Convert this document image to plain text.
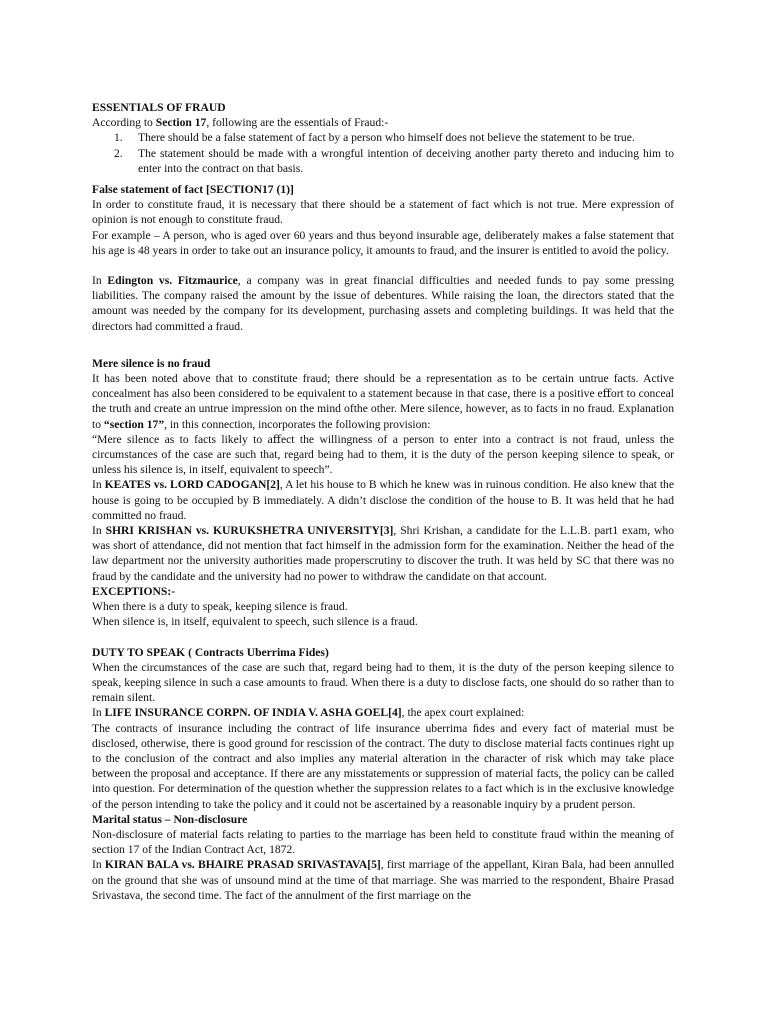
ESSENTIALS OF FRAUD

According to Section 17, following are the essentials of Fraud:-

1. There should be a false statement of fact by a person who himself does not believe the statement to be true.
2. The statement should be made with a wrongful intention of deceiving another party thereto and inducing him to enter into the contract on that basis.

False statement of fact [SECTION17 (1)]

In order to constitute fraud, it is necessary that there should be a statement of fact which is not true. Mere expression of opinion is not enough to constitute fraud.

For example – A person, who is aged over 60 years and thus beyond insurable age, deliberately makes a false statement that his age is 48 years in order to take out an insurance policy, it amounts to fraud, and the insurer is entitled to avoid the policy.

In Edington vs. Fitzmaurice, a company was in great financial difficulties and needed funds to pay some pressing liabilities. The company raised the amount by the issue of debentures. While raising the loan, the directors stated that the amount was needed by the company for its development, purchasing assets and completing buildings. It was held that the directors had committed a fraud.

Mere silence is no fraud

It has been noted above that to constitute fraud; there should be a representation as to be certain untrue facts. Active concealment has also been considered to be equivalent to a statement because in that case, there is a positive eﬀort to conceal the truth and create an untrue impression on the mind ofthe other. Mere silence, however, as to facts in no fraud. Explanation to “section 17”, in this connection, incorporates the following provision:

“Mere silence as to facts likely to aﬀect the willingness of a person to enter into a contract is not fraud, unless the circumstances of the case are such that, regard being had to them, it is the duty of the person keeping silence to speak, or unless his silence is, in itself, equivalent to speech”.

In KEATES vs. LORD CADOGAN[2], A let his house to B which he knew was in ruinous condition. He also knew that the house is going to be occupied by B immediately. A didn’t disclose the condition of the house to B. It was held that he had committed no fraud.

In SHRI KRISHAN vs. KURUKSHETRA UNIVERSITY[3], Shri Krishan, a candidate for the L.L.B. part1 exam, who was short of attendance, did not mention that fact himself in the admission form for the examination. Neither the head of the law department nor the university authorities made properscrutiny to discover the truth. It was held by SC that there was no fraud by the candidate and the university had no power to withdraw the candidate on that account.

EXCEPTIONS:-

When there is a duty to speak, keeping silence is fraud.

When silence is, in itself, equivalent to speech, such silence is a fraud.

DUTY TO SPEAK ( Contracts Uberrima Fides)

When the circumstances of the case are such that, regard being had to them, it is the duty of the person keeping silence to speak, keeping silence in such a case amounts to fraud. When there is a duty to disclose facts, one should do so rather than to remain silent.

In LIFE INSURANCE CORPN. OF INDIA V. ASHA GOEL[4], the apex court explained:

The contracts of insurance including the contract of life insurance uberrima ﬁdes and every fact of material must be disclosed, otherwise, there is good ground for rescission of the contract. The duty to disclose material facts continues right up to the conclusion of the contract and also implies any material alteration in the character of risk which may take place between the proposal and acceptance. If there are any misstatements or suppression of material facts, the policy can be called into question. For determination of the question whether the suppression relates to a fact which is in the exclusive knowledge of the person intending to take the policy and it could not be ascertained by a reasonable inquiry by a prudent person.

Marital status – Non-disclosure

Non-disclosure of material facts relating to parties to the marriage has been held to constitute fraud within the meaning of section 17 of the Indian Contract Act, 1872.

In KIRAN BALA vs. BHAIRE PRASAD SRIVASTAVA[5], first marriage of the appellant, Kiran Bala, had been annulled on the ground that she was of unsound mind at the time of that marriage. She was married to the respondent, Bhaire Prasad Srivastava, the second time. The fact of the annulment of the first marriage on the
